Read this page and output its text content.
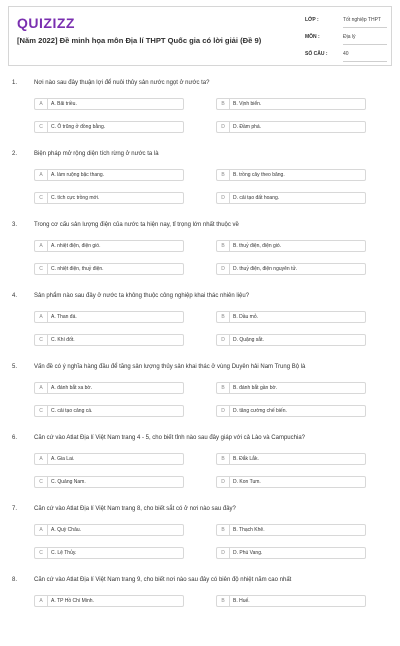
QUIZIZZ
[Năm 2022] Đề minh họa môn Địa lí THPT Quốc gia có lời giải (Đề 9)
LỚP :	Tốt nghiệp THPT
MÔN :	Địa lý
SỐ CÂU :	40
1.	Nơi nào sau đây thuận lợi để nuôi thủy sản nước ngọt ở nước ta?
A	A. Bãi triều.	B	B. Vịnh biển.
C	C. Ô trũng ở đồng bằng.	D	D. Đầm phá.
2.	Biện pháp mở rộng diện tích rừng ở nước ta là
A	A. làm ruộng bậc thang.	B	B. trồng cây theo băng.
C	C. tích cực trồng mới.	D	D. cải tạo đất hoang.
3.	Trong cơ cấu sản lượng điện của nước ta hiện nay, tỉ trọng lớn nhất thuộc về
A	A. nhiệt điện, điện gió.	B	B. thuỷ điện, điện gió.
C	C. nhiệt điện, thuỷ điện.	D	D. thuỷ điện, điện nguyên tử.
4.	Sản phẩm nào sau đây ở nước ta không thuộc công nghiệp khai thác nhiên liệu?
A	A. Than đá.	B	B. Dầu mỏ.
C	C. Khí đốt.	D	D. Quặng sắt.
5.	Vấn đề có ý nghĩa hàng đầu để tăng sản lượng thủy sản khai thác ở vùng Duyên hải Nam Trung Bộ là
A	A. đánh bắt xa bờ.	B	B. đánh bắt gần bờ.
C	C. cải tạo cảng cá.	D	D. tăng cường chế biến.
6.	Căn cứ vào Atlat Địa lí Việt Nam trang 4 - 5, cho biết tỉnh nào sau đây giáp với cả Lào và Campuchia?
A	A. Gia Lai.	B	B. Đắk Lắk.
C	C. Quảng Nam.	D	D. Kon Tum.
7.	Căn cứ vào Atlat Địa lí Việt Nam trang 8, cho biết sắt có ở nơi nào sau đây?
A	A. Quỳ Châu.	B	B. Thạch Khê.
C	C. Lệ Thủy.	D	D. Phú Vang.
8.	Căn cứ vào Atlat Địa lí Việt Nam trang 9, cho biết nơi nào sau đây có biên độ nhiệt năm cao nhất
A	A. TP Hồ Chí Minh.	B	B. Huế.
